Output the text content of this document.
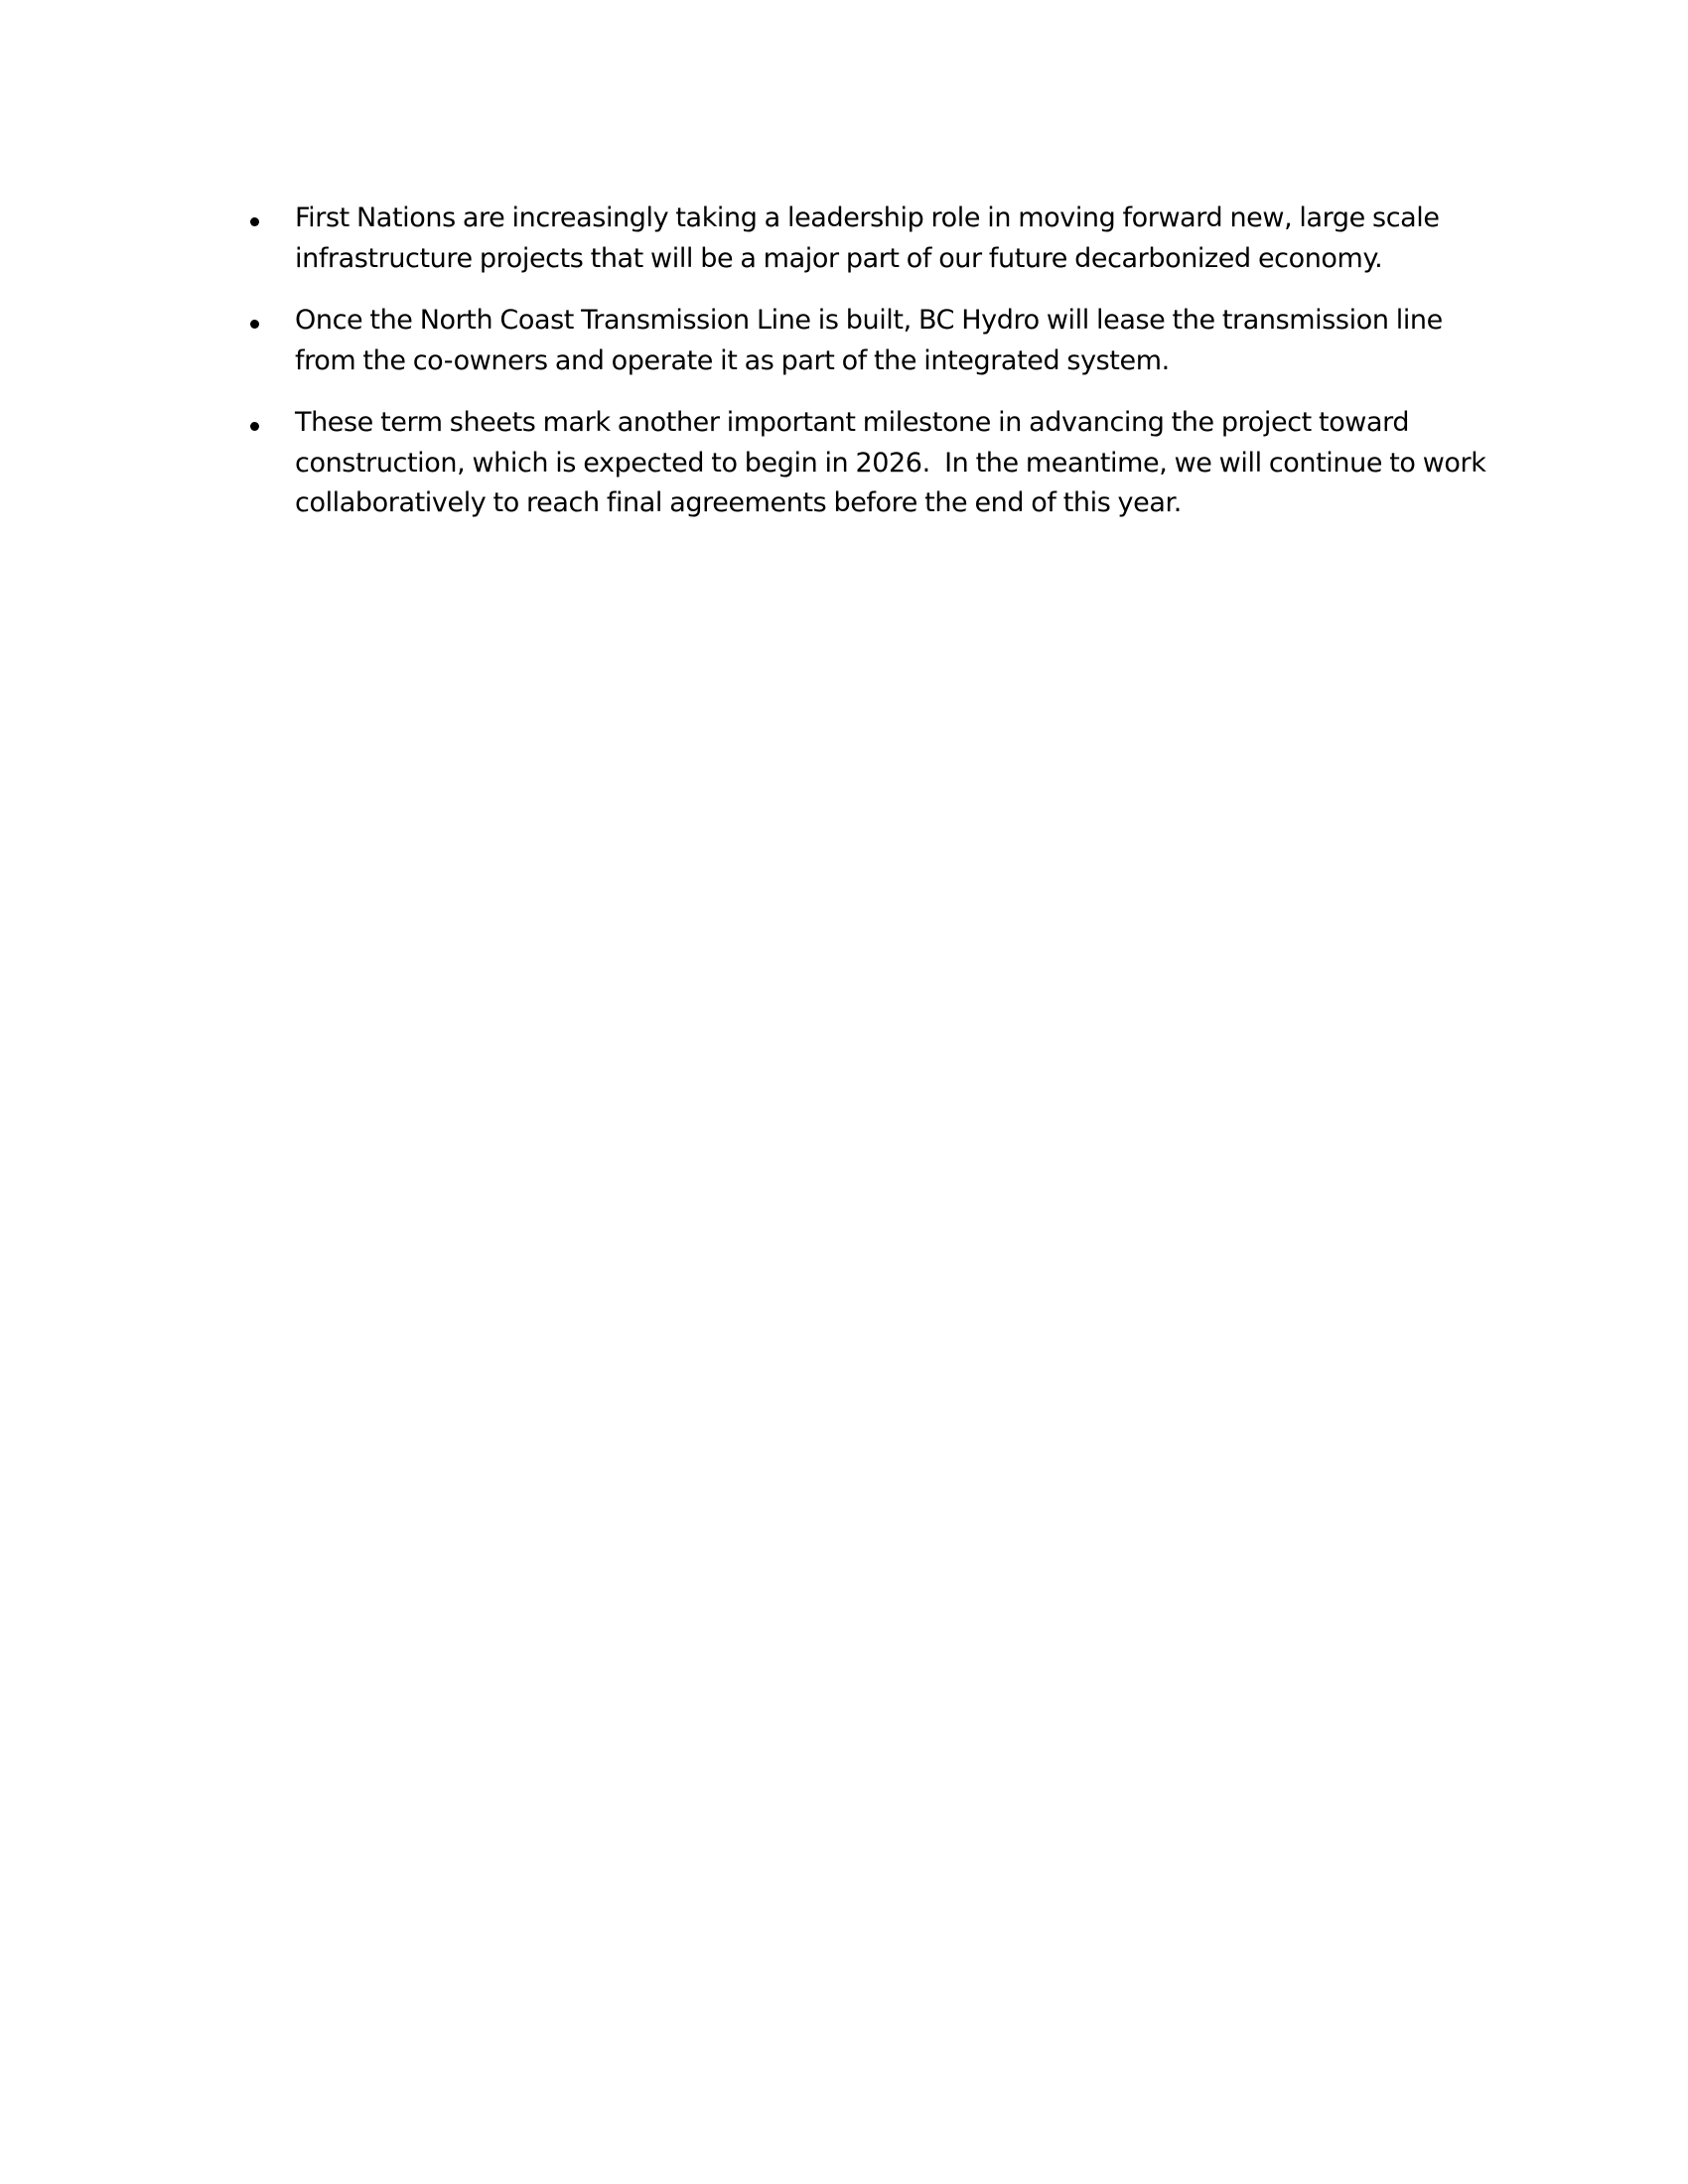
First Nations are increasingly taking a leadership role in moving forward new, large scale infrastructure projects that will be a major part of our future decarbonized economy.
Once the North Coast Transmission Line is built, BC Hydro will lease the transmission line from the co-owners and operate it as part of the integrated system.
These term sheets mark another important milestone in advancing the project toward construction, which is expected to begin in 2026.  In the meantime, we will continue to work collaboratively to reach final agreements before the end of this year.
